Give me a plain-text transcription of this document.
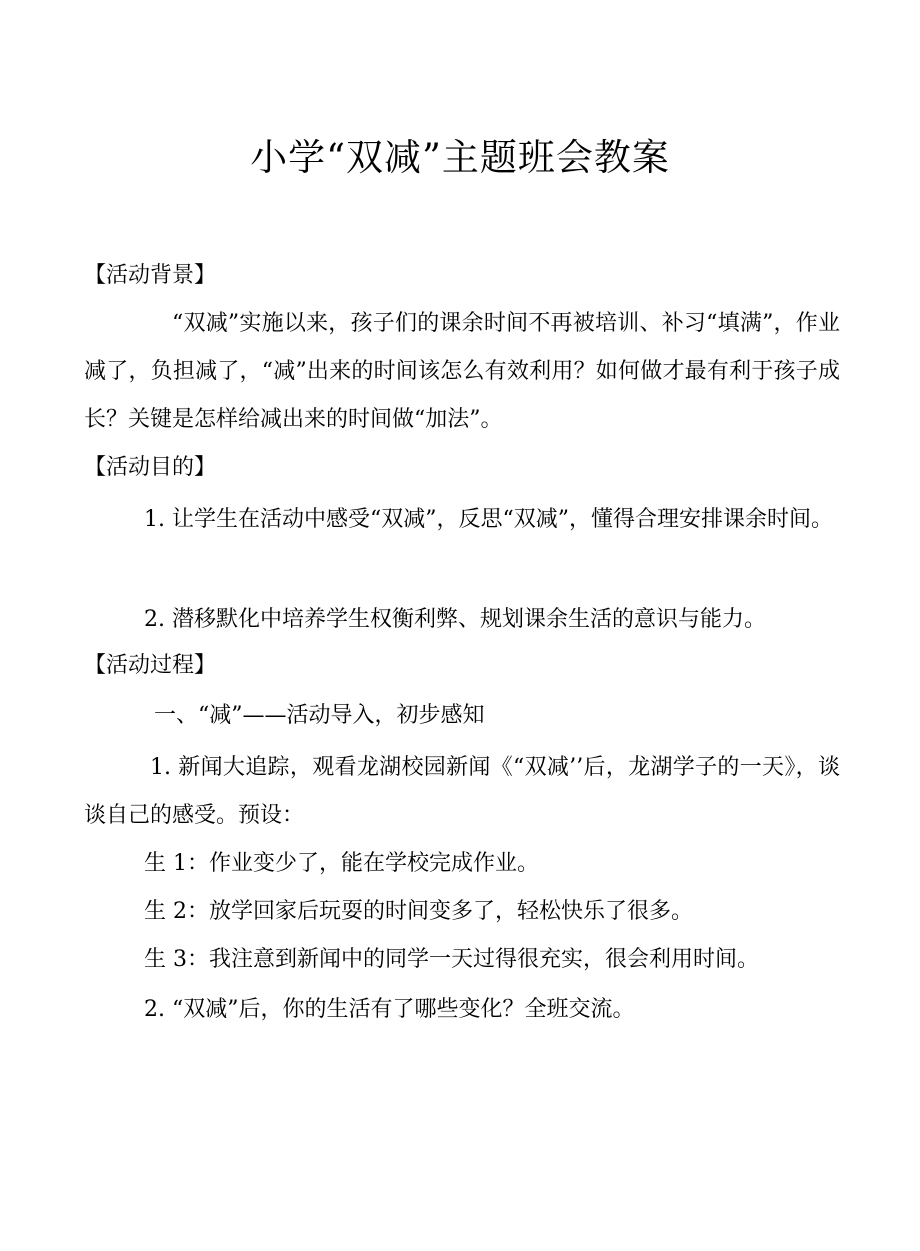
小学“双减”主题班会教案
【活动背景】
“双减”实施以来，孩子们的课余时间不再被培训、补习“填满”，作业减了，负担减了，“减”出来的时间该怎么有效利用？如何做才最有利于孩子成长？关键是怎样给减出来的时间做“加法”。
【活动目的】
1. 让学生在活动中感受“双减”，反思“双减”，懂得合理安排课余时间。
2. 潜移默化中培养学生权衡利弊、规划课余生活的意识与能力。
【活动过程】
一、“减”——活动导入，初步感知
1. 新闻大追踪，观看龙湖校园新闻《“双减’’后，龙湖学子的一天》，谈谈自己的感受。预设：
生 1：作业变少了，能在学校完成作业。
生 2：放学回家后玩耍的时间变多了，轻松快乐了很多。
生 3：我注意到新闻中的同学一天过得很充实，很会利用时间。
2. “双减”后，你的生活有了哪些变化？全班交流。
